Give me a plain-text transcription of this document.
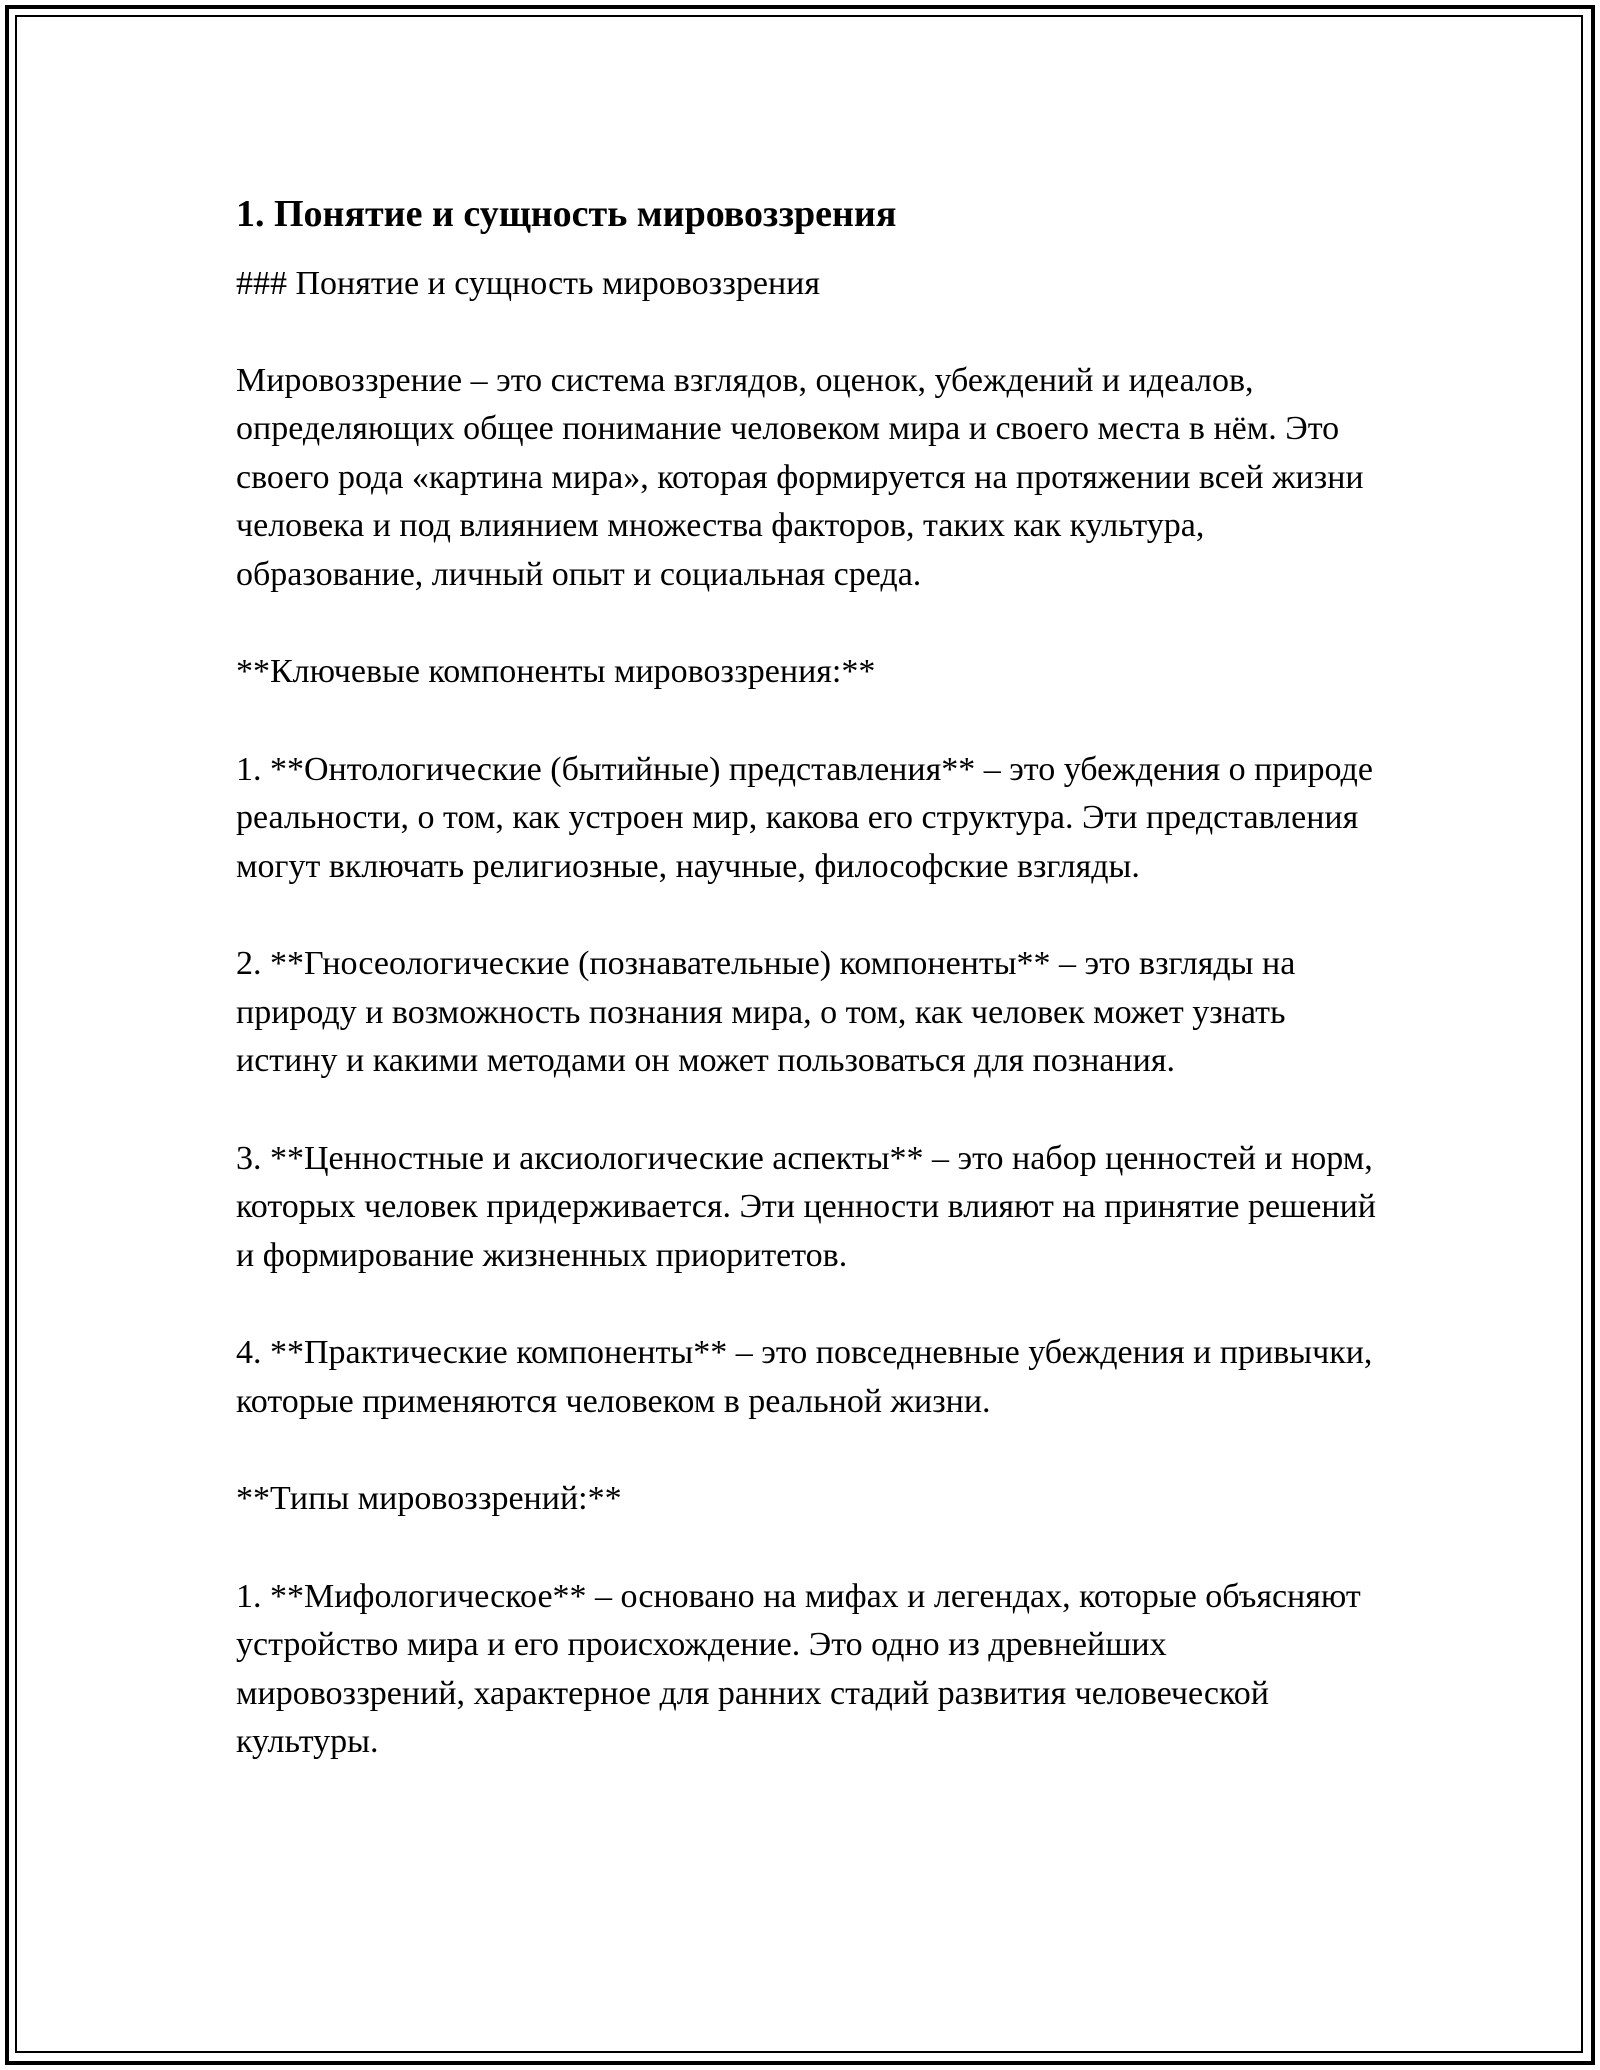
1. Понятие и сущность мировоззрения

### Понятие и сущность мировоззрения

Мировоззрение – это система взглядов, оценок, убеждений и идеалов, определяющих общее понимание человеком мира и своего места в нём. Это своего рода «картина мира», которая формируется на протяжении всей жизни человека и под влиянием множества факторов, таких как культура, образование, личный опыт и социальная среда.

**Ключевые компоненты мировоззрения:**

1. **Онтологические (бытийные) представления** – это убеждения о природе реальности, о том, как устроен мир, какова его структура. Эти представления могут включать религиозные, научные, философские взгляды.

2. **Гносеологические (познавательные) компоненты** – это взгляды на природу и возможность познания мира, о том, как человек может узнать истину и какими методами он может пользоваться для познания.

3. **Ценностные и аксиологические аспекты** – это набор ценностей и норм, которых человек придерживается. Эти ценности влияют на принятие решений и формирование жизненных приоритетов.

4. **Практические компоненты** – это повседневные убеждения и привычки, которые применяются человеком в реальной жизни.

**Типы мировоззрений:**

1. **Мифологическое** – основано на мифах и легендах, которые объясняют устройство мира и его происхождение. Это одно из древнейших мировоззрений, характерное для ранних стадий развития человеческой культуры.
